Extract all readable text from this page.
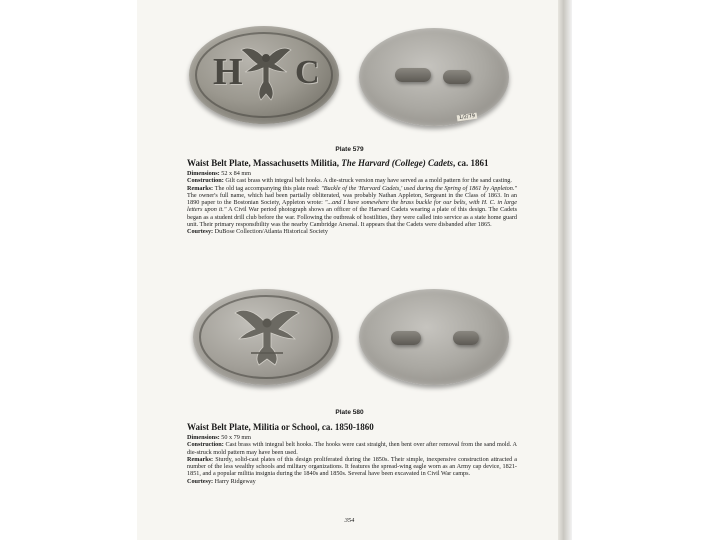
H C
1/2/79
Plate 579
Waist Belt Plate, Massachusetts Militia, The Harvard (College) Cadets, ca. 1861

Dimensions: 52 x 84 mm

Construction: Gilt cast brass with integral belt hooks. A die-struck version may have served as a mold pattern for the sand casting.

Remarks: The old tag accompanying this plate read: "Buckle of the 'Harvard Cadets,' used during the Spring of 1861 by Appleton." The owner's full name, which had been partially obliterated, was probably Nathan Appleton, Sergeant in the Class of 1863. In an 1890 paper to the Bostonian Society, Appleton wrote: "...and I have somewhere the brass buckle for our belts, with H. C. in large letters upon it." A Civil War period photograph shows an officer of the Harvard Cadets wearing a plate of this design. The Cadets began as a student drill club before the war. Following the outbreak of hostilities, they were called into service as a state home guard unit. Their primary responsibility was the nearby Cambridge Arsenal. It appears that the Cadets were disbanded after 1865.

Courtesy: DuBose Collection/Atlanta Historical Society

Plate 580
Waist Belt Plate, Militia or School, ca. 1850-1860

Dimensions: 50 x 79 mm

Construction: Cast brass with integral belt hooks. The hooks were cast straight, then bent over after removal from the sand mold. A die-struck mold pattern may have been used.

Remarks: Sturdy, solid-cast plates of this design proliferated during the 1850s. Their simple, inexpensive construction attracted a number of the less wealthy schools and military organizations. It features the spread-wing eagle worn as an Army cap device, 1821-1851, and a popular militia insignia during the 1840s and 1850s. Several have been excavated in Civil War camps.

Courtesy: Harry Ridgeway

354
